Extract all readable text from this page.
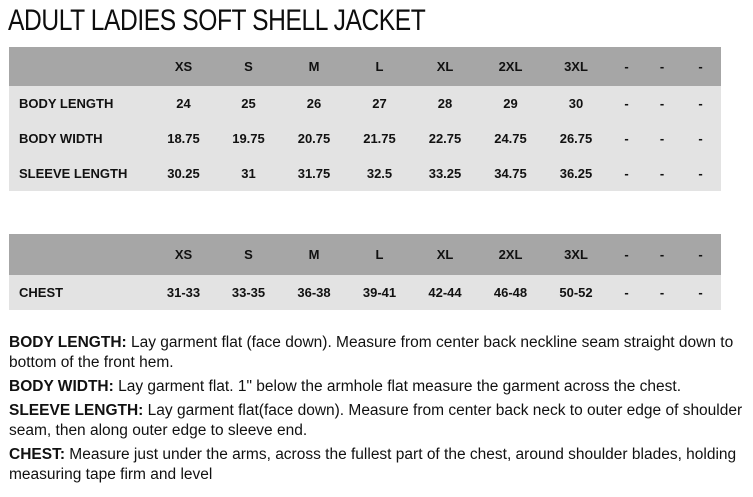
ADULT LADIES SOFT SHELL JACKET
	XS	S	M	L	XL	2XL	3XL	-	-	-
BODY LENGTH	24	25	26	27	28	29	30	-	-	-
BODY WIDTH	18.75	19.75	20.75	21.75	22.75	24.75	26.75	-	-	-
SLEEVE LENGTH	30.25	31	31.75	32.5	33.25	34.75	36.25	-	-	-
	XS	S	M	L	XL	2XL	3XL	-	-	-
CHEST	31-33	33-35	36-38	39-41	42-44	46-48	50-52	-	-	-

BODY LENGTH: Lay garment flat (face down). Measure from center back neckline seam straight down to bottom of the front hem.

BODY WIDTH: Lay garment flat. 1" below the armhole flat measure the garment across the chest.

SLEEVE LENGTH: Lay garment flat(face down). Measure from center back neck to outer edge of shoulder seam, then along outer edge to sleeve end.

CHEST: Measure just under the arms, across the fullest part of the chest, around shoulder blades, holding measuring tape firm and level
